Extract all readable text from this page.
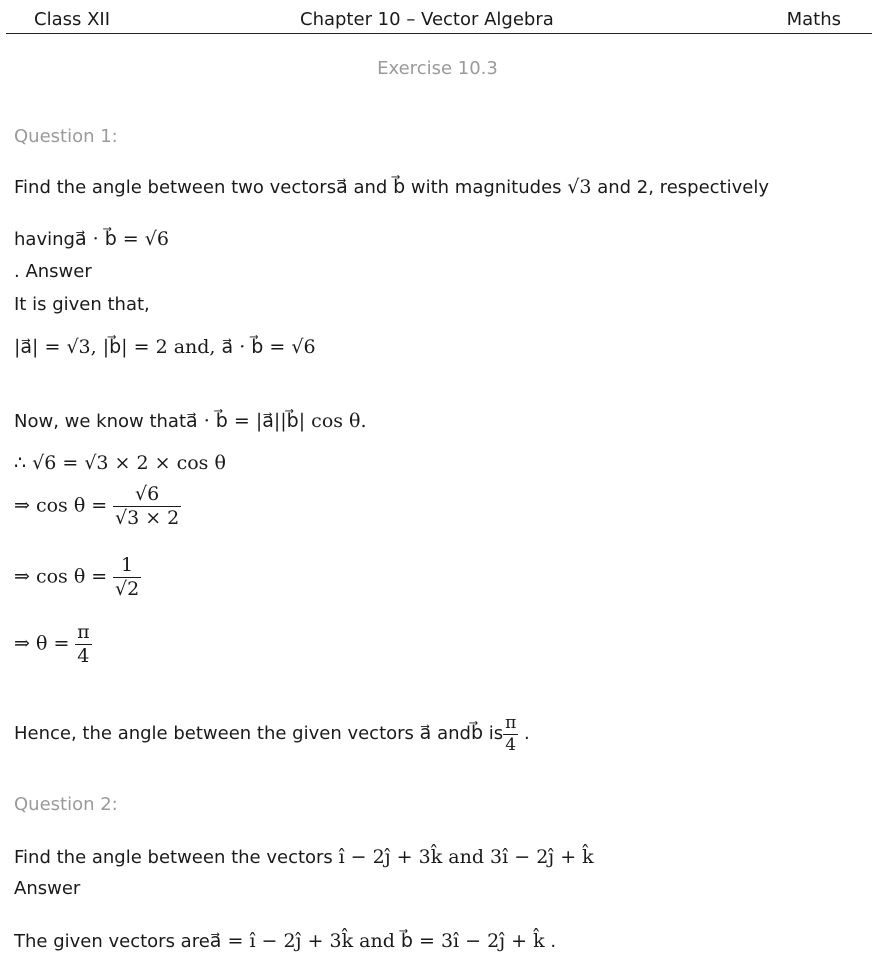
Class XII	Chapter 10 – Vector Algebra	Maths
Exercise 10.3
Question 1:
Find the angle between two vectorsa⃗ and b⃗ with magnitudes √3 and 2, respectively
havinga⃗ · b⃗ = √6
. Answer
It is given that,
|a⃗| = √3, |b⃗| = 2 and, a⃗ · b⃗ = √6
Now, we know thata⃗ · b⃗ = |a⃗||b⃗| cos θ.
∴ √6 = √3 × 2 × cos θ
⇒ $\cos \theta = \frac{√6}{√3 \times 2}$
⇒ $\cos \theta = \frac{1}{√2}$
⇒ $\theta = \frac{\pi}{4}$
Hence, the angle between the given vectors a⃗ andb⃗ is $\frac{\pi}{4}$ .
Question 2:
Find the angle between the vectors î − 2ĵ + 3k̂ and 3î − 2ĵ + k̂
Answer
The given vectors area⃗ = î − 2ĵ + 3k̂ and b⃗ = 3î − 2ĵ + k̂ .
